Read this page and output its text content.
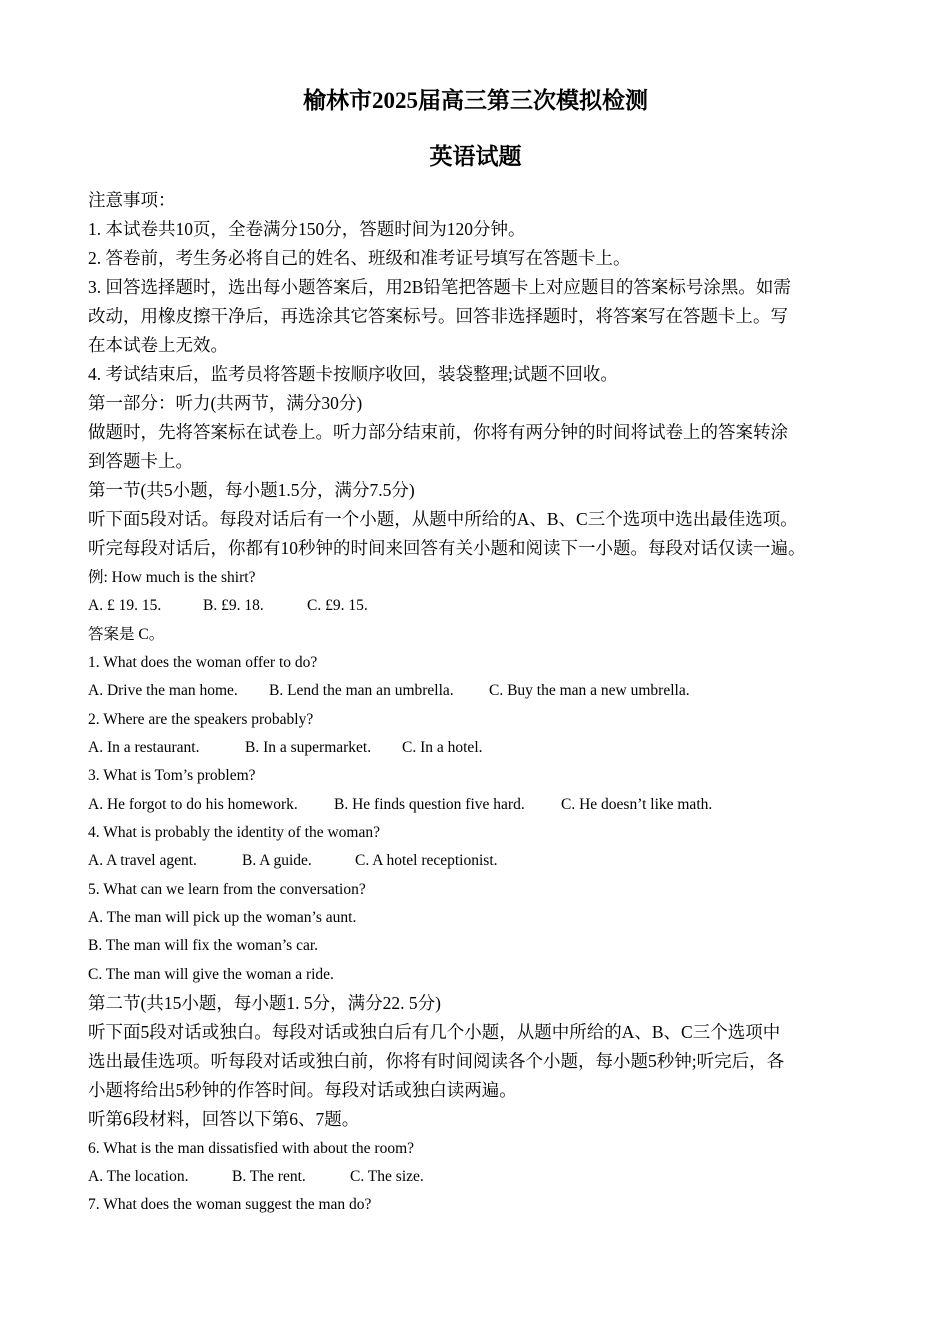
榆林市2025届高三第三次模拟检测
英语试题
注意事项：
1. 本试卷共10页，全卷满分150分，答题时间为120分钟。
2. 答卷前，考生务必将自己的姓名、班级和准考证号填写在答题卡上。
3. 回答选择题时，选出每小题答案后，用2B铅笔把答题卡上对应题目的答案标号涂黑。如需
改动，用橡皮擦干净后，再选涂其它答案标号。回答非选择题时，将答案写在答题卡上。写
在本试卷上无效。
4. 考试结束后，监考员将答题卡按顺序收回，装袋整理;试题不回收。
第一部分：听力(共两节，满分30分)
做题时，先将答案标在试卷上。听力部分结束前，你将有两分钟的时间将试卷上的答案转涂
到答题卡上。
第一节(共5小题，每小题1.5分，满分7.5分)
听下面5段对话。每段对话后有一个小题，从题中所给的A、B、C三个选项中选出最佳选项。
听完每段对话后，你都有10秒钟的时间来回答有关小题和阅读下一小题。每段对话仅读一遍。
例: How much is the shirt?
A. £ 19. 15.	B. £9. 18.	C. £9. 15.
答案是 C。
1. What does the woman offer to do?
A. Drive the man home. B. Lend the man an umbrella. C. Buy the man a new umbrella.
2. Where are the speakers probably?
A. In a restaurant.	B. In a supermarket. C. In a hotel.
3. What is Tom’s problem?
A. He forgot to do his homework. B. He finds question five hard. C. He doesn’t like math.
4. What is probably the identity of the woman?
A. A travel agent.	B. A guide.	C. A hotel receptionist.
5. What can we learn from the conversation?
A. The man will pick up the woman’s aunt.
B. The man will fix the woman’s car.
C. The man will give the woman a ride.
第二节(共15小题，每小题1. 5分，满分22. 5分)
听下面5段对话或独白。每段对话或独白后有几个小题，从题中所给的A、B、C三个选项中
选出最佳选项。听每段对话或独白前，你将有时间阅读各个小题，每小题5秒钟;听完后，各
小题将给出5秒钟的作答时间。每段对话或独白读两遍。
听第6段材料，回答以下第6、7题。
6. What is the man dissatisfied with about the room?
A. The location.	B. The rent.	C. The size.
7. What does the woman suggest the man do?
